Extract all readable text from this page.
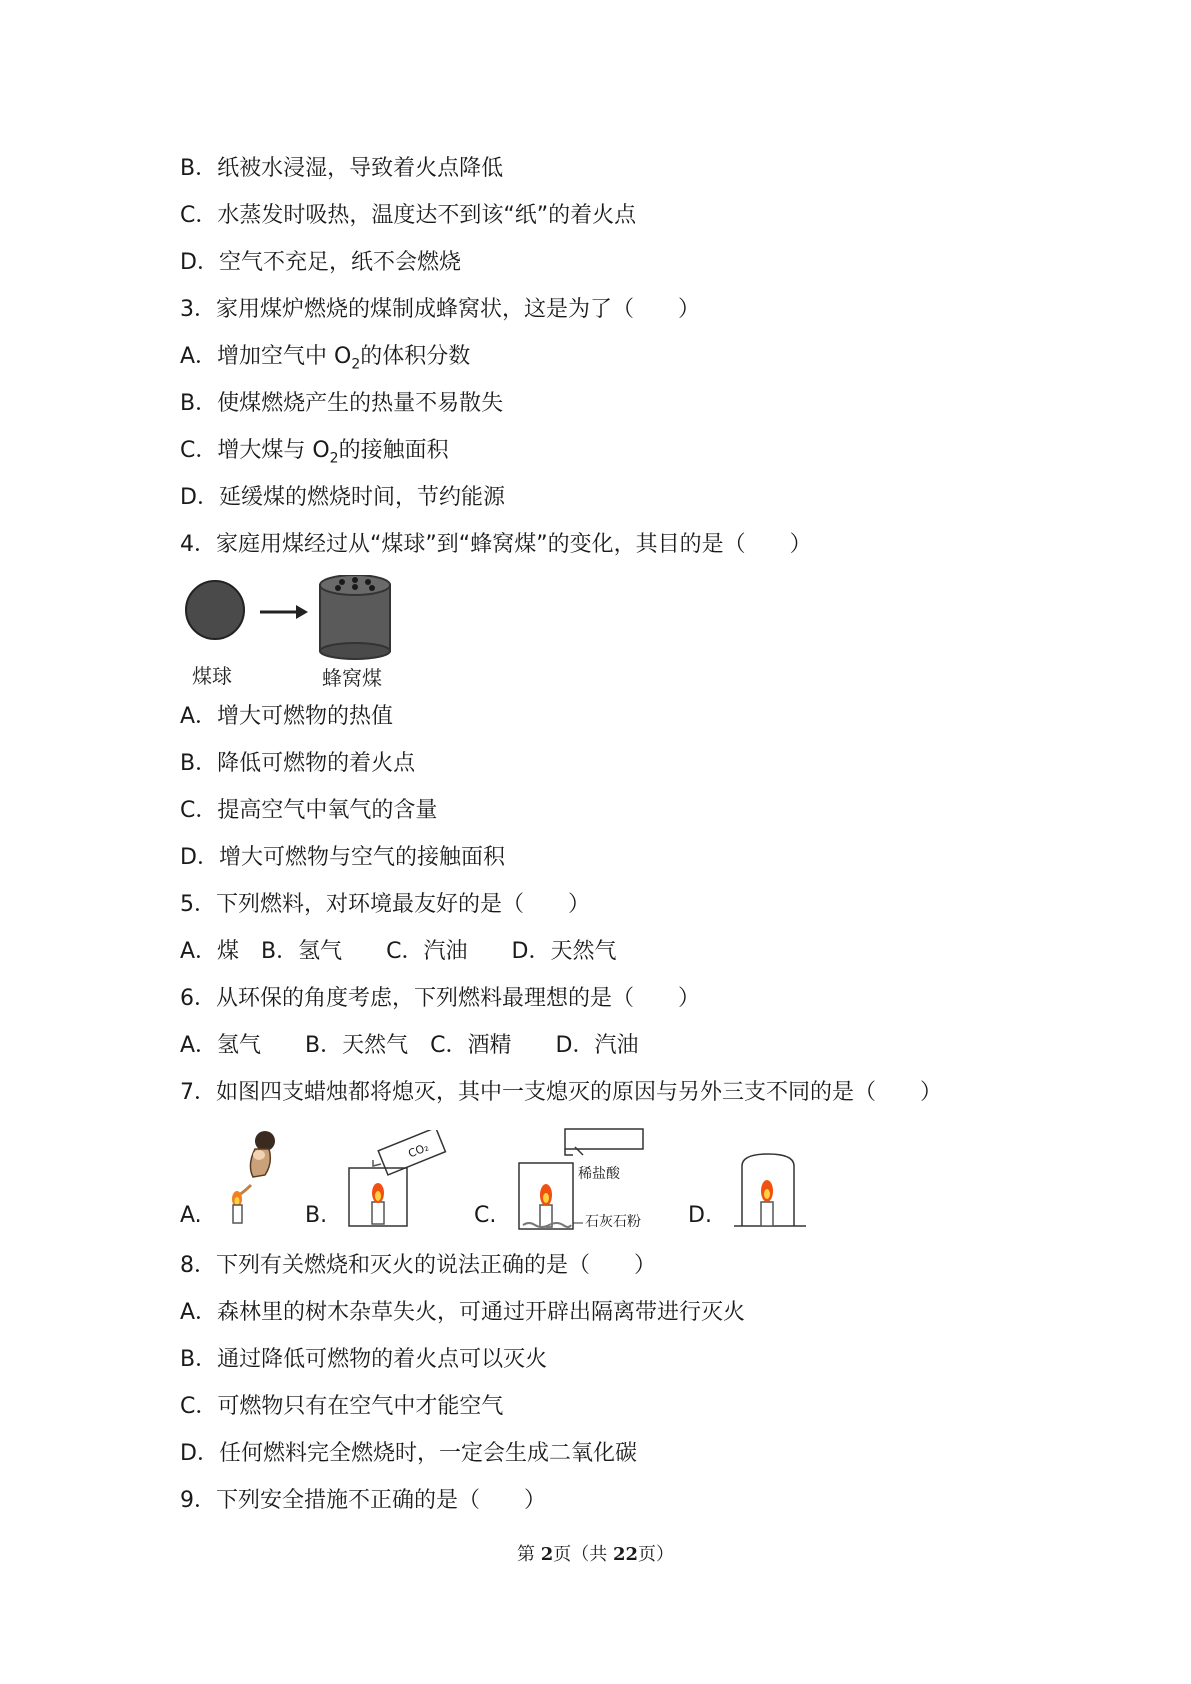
B．纸被水浸湿，导致着火点降低
C．水蒸发时吸热，温度达不到该“纸”的着火点
D．空气不充足，纸不会燃烧
3．家用煤炉燃烧的煤制成蜂窝状，这是为了（　　）
A．增加空气中 $O_2$的体积分数
B．使煤燃烧产生的热量不易散失
C．增大煤与 $O_2$的接触面积
D．延缓煤的燃烧时间，节约能源
4．家庭用煤经过从“煤球”到“蜂窝煤”的变化，其目的是（　　）
煤球	蜂窝煤
A．增大可燃物的热值
B．降低可燃物的着火点
C．提高空气中氧气的含量
D．增大可燃物与空气的接触面积
5．下列燃料，对环境最友好的是（　　）
A．煤　B．氢气　　C．汽油　　D．天然气
6．从环保的角度考虑，下列燃料最理想的是（　　）
A．氢气　　B．天然气　C．酒精　　D．汽油
7．如图四支蜡烛都将熄灭，其中一支熄灭的原因与另外三支不同的是（　　）
A.	B.
CO₂
C.
稀盐酸
石灰石粉 D.
8．下列有关燃烧和灭火的说法正确的是（　　）
A．森林里的树木杂草失火，可通过开辟出隔离带进行灭火
B．通过降低可燃物的着火点可以灭火
C．可燃物只有在空气中才能空气
D．任何燃料完全燃烧时，一定会生成二氧化碳
9．下列安全措施不正确的是（　　）
第 2页（共 22页）
